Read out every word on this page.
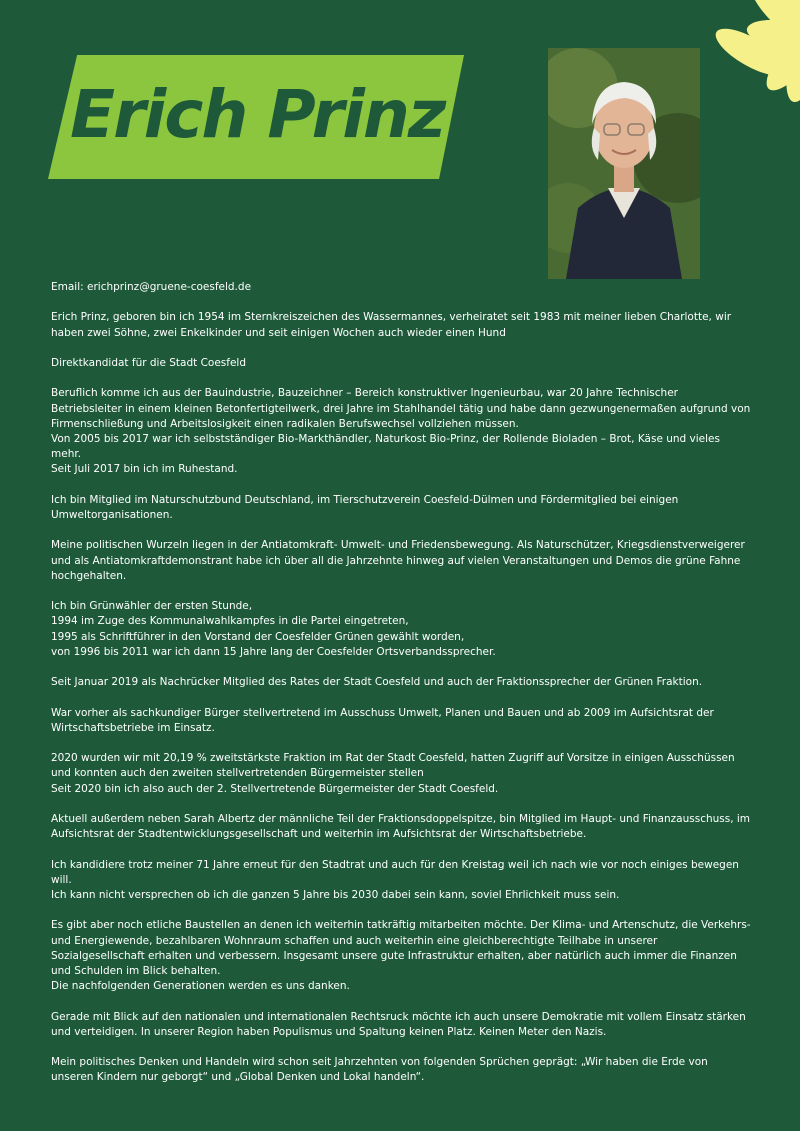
Erich Prinz

Email: erichprinz@gruene-coesfeld.de

Erich Prinz, geboren bin ich 1954 im Sternkreiszeichen des Wassermannes, verheiratet seit 1983 mit meiner lieben Charlotte, wir haben zwei Söhne, zwei Enkelkinder und seit einigen Wochen auch wieder einen Hund

Direktkandidat für die Stadt Coesfeld

Beruflich komme ich aus der Bauindustrie, Bauzeichner – Bereich konstruktiver Ingenieurbau, war 20 Jahre Technischer Betriebsleiter in einem kleinen Betonfertigteilwerk, drei Jahre im Stahlhandel tätig und habe dann gezwungenermaßen aufgrund von Firmenschließung und Arbeitslosigkeit einen radikalen Berufswechsel vollziehen müssen.
Von 2005 bis 2017 war ich selbstständiger Bio-Markthändler, Naturkost Bio-Prinz, der Rollende Bioladen – Brot, Käse und vieles mehr.
Seit Juli 2017 bin ich im Ruhestand.

Ich bin Mitglied im Naturschutzbund Deutschland, im Tierschutzverein Coesfeld-Dülmen und Fördermitglied bei einigen Umweltorganisationen.

Meine politischen Wurzeln liegen in der Antiatomkraft- Umwelt- und Friedensbewegung. Als Naturschützer, Kriegsdienstverweigerer und als Antiatomkraftdemonstrant habe ich über all die Jahrzehnte hinweg auf vielen Veranstaltungen und Demos die grüne Fahne hochgehalten.

Ich bin Grünwähler der ersten Stunde,
1994 im Zuge des Kommunalwahlkampfes in die Partei eingetreten,
1995 als Schriftführer in den Vorstand der Coesfelder Grünen gewählt worden,
von 1996 bis 2011 war ich dann 15 Jahre lang der Coesfelder Ortsverbandssprecher.

Seit Januar 2019 als Nachrücker Mitglied des Rates der Stadt Coesfeld und auch der Fraktionssprecher der Grünen Fraktion.

War vorher als sachkundiger Bürger stellvertretend im Ausschuss Umwelt, Planen und Bauen und ab 2009 im Aufsichtsrat der Wirtschaftsbetriebe im Einsatz.

2020 wurden wir mit 20,19 % zweitstärkste Fraktion im Rat der Stadt Coesfeld, hatten Zugriff auf Vorsitze in einigen Ausschüssen und konnten auch den zweiten stellvertretenden Bürgermeister stellen
Seit 2020 bin ich also auch der 2. Stellvertretende Bürgermeister der Stadt Coesfeld.

Aktuell außerdem neben Sarah Albertz der männliche Teil der Fraktionsdoppelspitze, bin Mitglied im Haupt- und Finanzausschuss, im Aufsichtsrat der Stadtentwicklungsgesellschaft und weiterhin im Aufsichtsrat der Wirtschaftsbetriebe.

Ich kandidiere trotz meiner 71 Jahre erneut für den Stadtrat und auch für den Kreistag weil ich nach wie vor noch einiges bewegen will.
Ich kann nicht versprechen ob ich die ganzen 5 Jahre bis 2030 dabei sein kann, soviel Ehrlichkeit muss sein.

Es gibt aber noch etliche Baustellen an denen ich weiterhin tatkräftig mitarbeiten möchte. Der Klima- und Artenschutz, die Verkehrs- und Energiewende, bezahlbaren Wohnraum schaffen und auch weiterhin eine gleichberechtigte Teilhabe in unserer Sozialgesellschaft erhalten und verbessern. Insgesamt unsere gute Infrastruktur erhalten, aber natürlich auch immer die Finanzen und Schulden im Blick behalten.
Die nachfolgenden Generationen werden es uns danken.

Gerade mit Blick auf den nationalen und internationalen Rechtsruck möchte ich auch unsere Demokratie mit vollem Einsatz stärken und verteidigen. In unserer Region haben Populismus und Spaltung keinen Platz. Keinen Meter den Nazis.

Mein politisches Denken und Handeln wird schon seit Jahrzehnten von folgenden Sprüchen geprägt: „Wir haben die Erde von unseren Kindern nur geborgt“ und „Global Denken und Lokal handeln“.
